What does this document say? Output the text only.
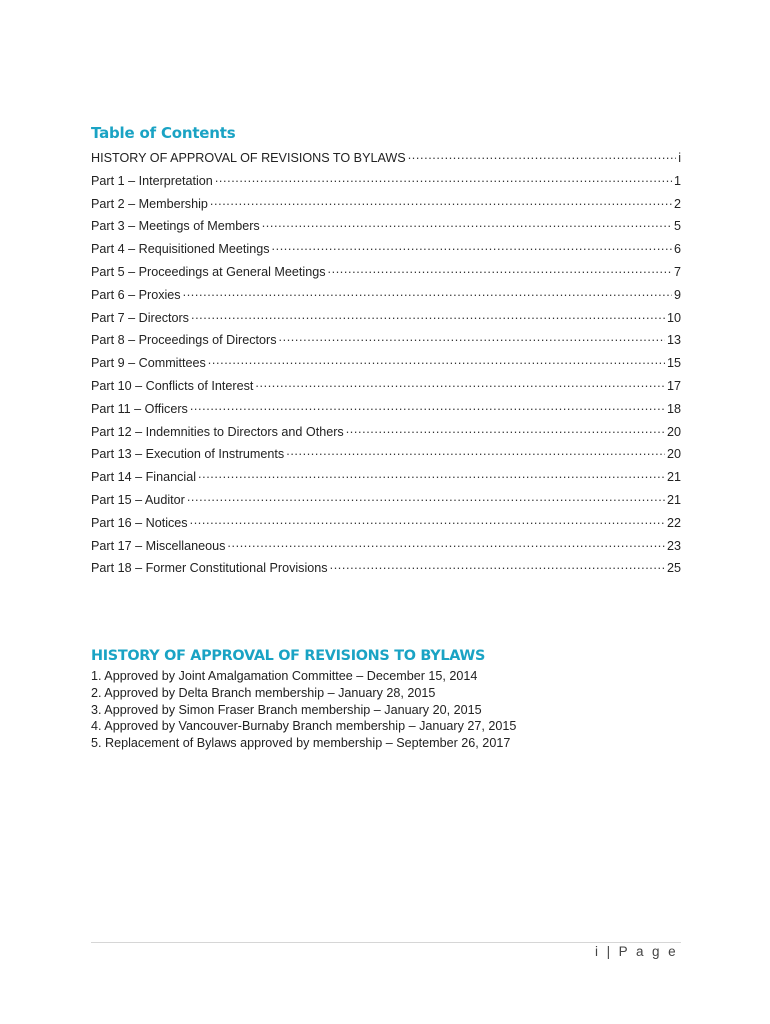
Table of Contents
HISTORY OF APPROVAL OF REVISIONS TO BYLAWS .....	i
Part 1 – Interpretation .....	1
Part 2 – Membership .....	2
Part 3 – Meetings of Members .....	5
Part 4 – Requisitioned Meetings .....	6
Part 5 – Proceedings at General Meetings .....	7
Part 6 – Proxies .....	9
Part 7 – Directors .....	10
Part 8 – Proceedings of Directors .....	13
Part 9 – Committees .....	15
Part 10 – Conflicts of Interest .....	17
Part 11 – Officers .....	18
Part 12 – Indemnities to Directors and Others .....	20
Part 13 – Execution of Instruments .....	20
Part 14 – Financial .....	21
Part 15 – Auditor .....	21
Part 16 – Notices .....	22
Part 17 – Miscellaneous .....	23
Part 18 – Former Constitutional Provisions .....	25
HISTORY OF APPROVAL OF REVISIONS TO BYLAWS
1. Approved by Joint Amalgamation Committee – December 15, 2014
2. Approved by Delta Branch membership – January 28, 2015
3. Approved by Simon Fraser Branch membership – January 20, 2015
4. Approved by Vancouver-Burnaby Branch membership – January 27, 2015
5. Replacement of Bylaws approved by membership – September 26, 2017
i | P a g e
